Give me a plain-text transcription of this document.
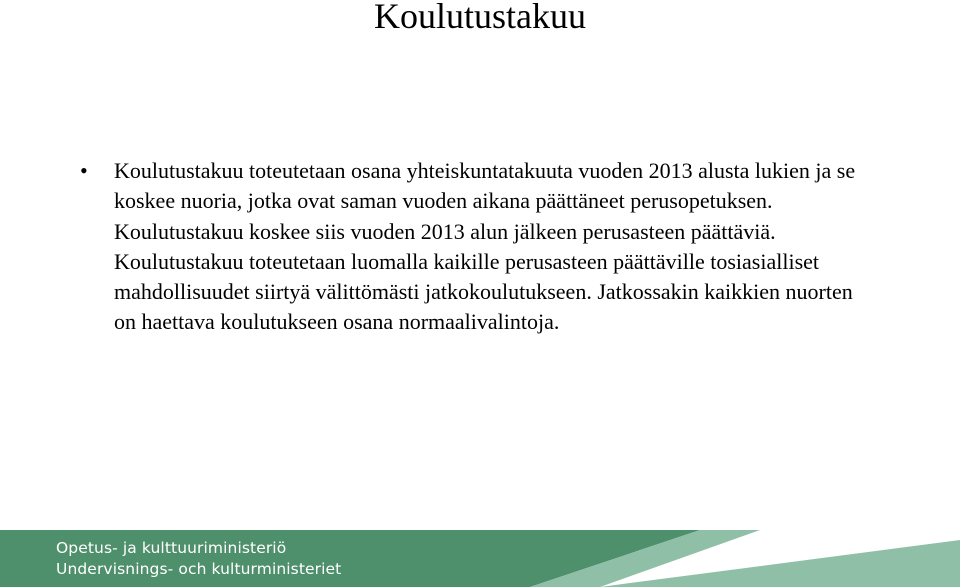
Koulutustakuu
• Koulutustakuu toteutetaan osana yhteiskuntatakuuta vuoden 2013 alusta lukien ja se koskee nuoria, jotka ovat saman vuoden aikana päättäneet perusopetuksen. Koulutustakuu koskee siis vuoden 2013 alun jälkeen perusasteen päättäviä. Koulutustakuu toteutetaan luomalla kaikille perusasteen päättäville tosiasialliset mahdollisuudet siirtyä välittömästi jatkokoulutukseen. Jatkossakin kaikkien nuorten on haettava koulutukseen osana normaalivalintoja.
Opetus- ja kulttuuriministeriö
Undervisnings- och kulturministeriet
